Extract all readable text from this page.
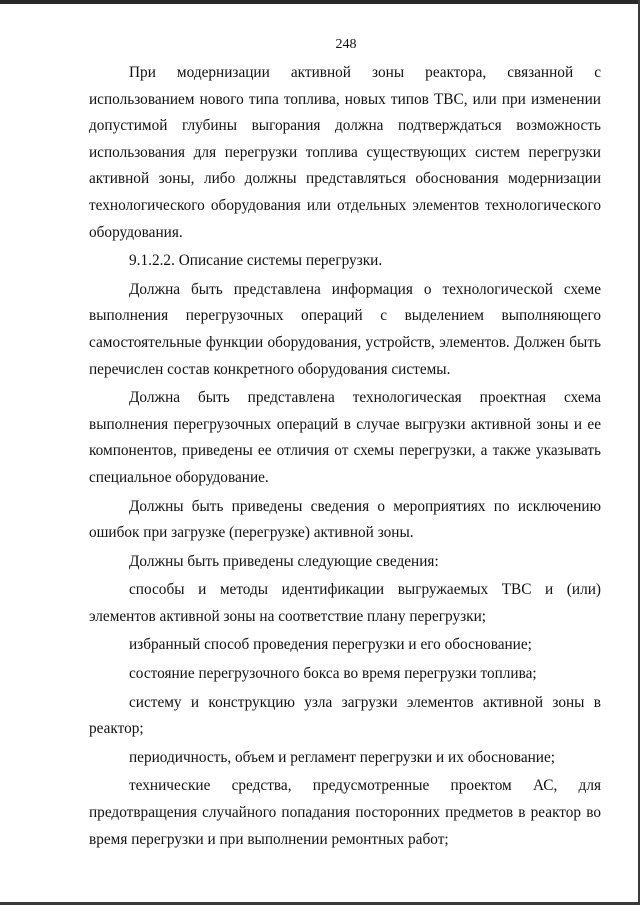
248

При модернизации активной зоны реактора, связанной с использованием нового типа топлива, новых типов ТВС, или при изменении допустимой глубины выгорания должна подтверждаться возможность использования для перегрузки топлива существующих систем перегрузки активной зоны, либо должны представляться обоснования модернизации технологического оборудования или отдельных элементов технологического оборудования.

9.1.2.2. Описание системы перегрузки.

Должна быть представлена информация о технологической схеме выполнения перегрузочных операций с выделением выполняющего самостоятельные функции оборудования, устройств, элементов. Должен быть перечислен состав конкретного оборудования системы.

Должна быть представлена технологическая проектная схема выполнения перегрузочных операций в случае выгрузки активной зоны и ее компонентов, приведены ее отличия от схемы перегрузки, а также указывать специальное оборудование.

Должны быть приведены сведения о мероприятиях по исключению ошибок при загрузке (перегрузке) активной зоны.

Должны быть приведены следующие сведения:

способы и методы идентификации выгружаемых ТВС и (или) элементов активной зоны на соответствие плану перегрузки;

избранный способ проведения перегрузки и его обоснование;

состояние перегрузочного бокса во время перегрузки топлива;

систему и конструкцию узла загрузки элементов активной зоны в реактор;

периодичность, объем и регламент перегрузки и их обоснование;

технические средства, предусмотренные проектом АС, для предотвращения случайного попадания посторонних предметов в реактор во время перегрузки и при выполнении ремонтных работ;
